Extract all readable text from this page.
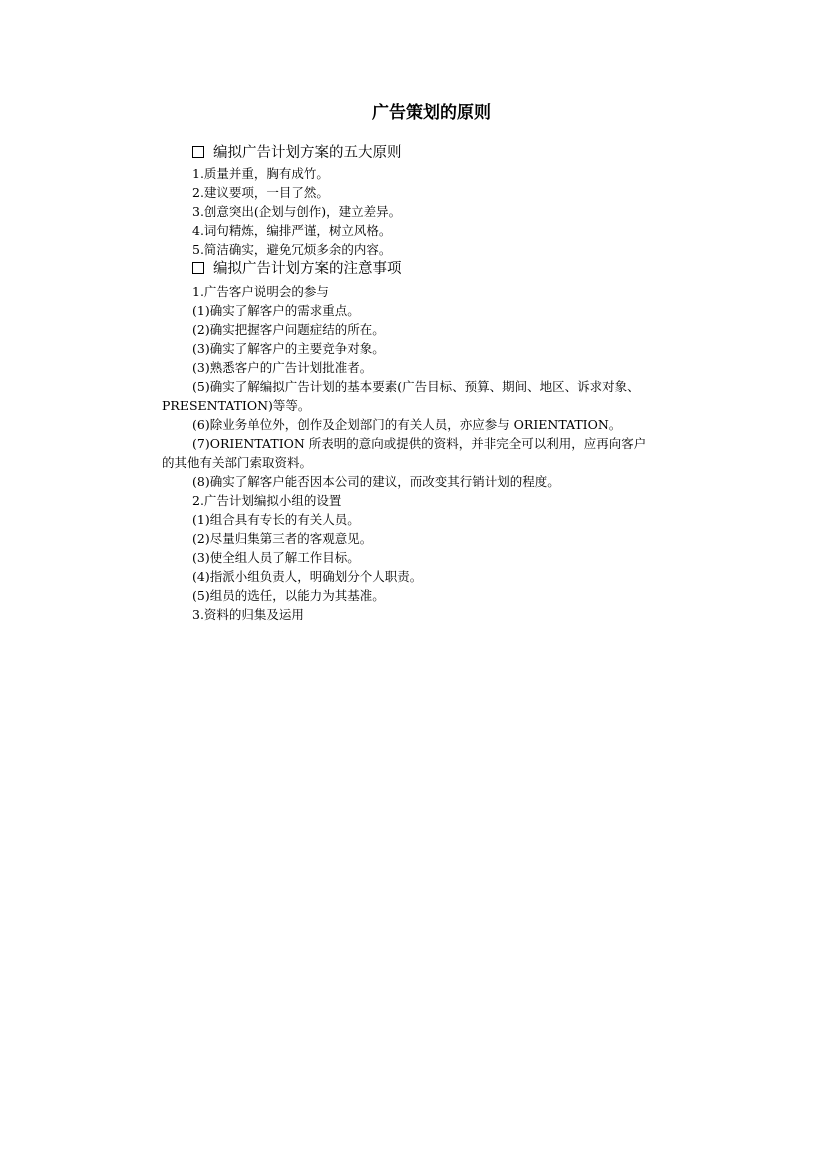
广告策划的原则
编拟广告计划方案的五大原则
1.质量并重，胸有成竹。
2.建议要项，一目了然。
3.创意突出(企划与创作)，建立差异。
4.词句精炼，编排严谨，树立风格。
5.简洁确实，避免冗烦多余的内容。
编拟广告计划方案的注意事项
1.广告客户说明会的参与
(1)确实了解客户的需求重点。
(2)确实把握客户问题症结的所在。
(3)确实了解客户的主要竞争对象。
(3)熟悉客户的广告计划批准者。
(5)确实了解编拟广告计划的基本要素(广告目标、预算、期间、地区、诉求对象、
PRESENTATION)等等。
(6)除业务单位外，创作及企划部门的有关人员，亦应参与 ORIENTATION。
(7)ORIENTATION 所表明的意向或提供的资料，并非完全可以利用，应再向客户
的其他有关部门索取资料。
(8)确实了解客户能否因本公司的建议，而改变其行销计划的程度。
2.广告计划编拟小组的设置
(1)组合具有专长的有关人员。
(2)尽量归集第三者的客观意见。
(3)使全组人员了解工作目标。
(4)指派小组负责人，明确划分个人职责。
(5)组员的选任，以能力为其基准。
3.资料的归集及运用
